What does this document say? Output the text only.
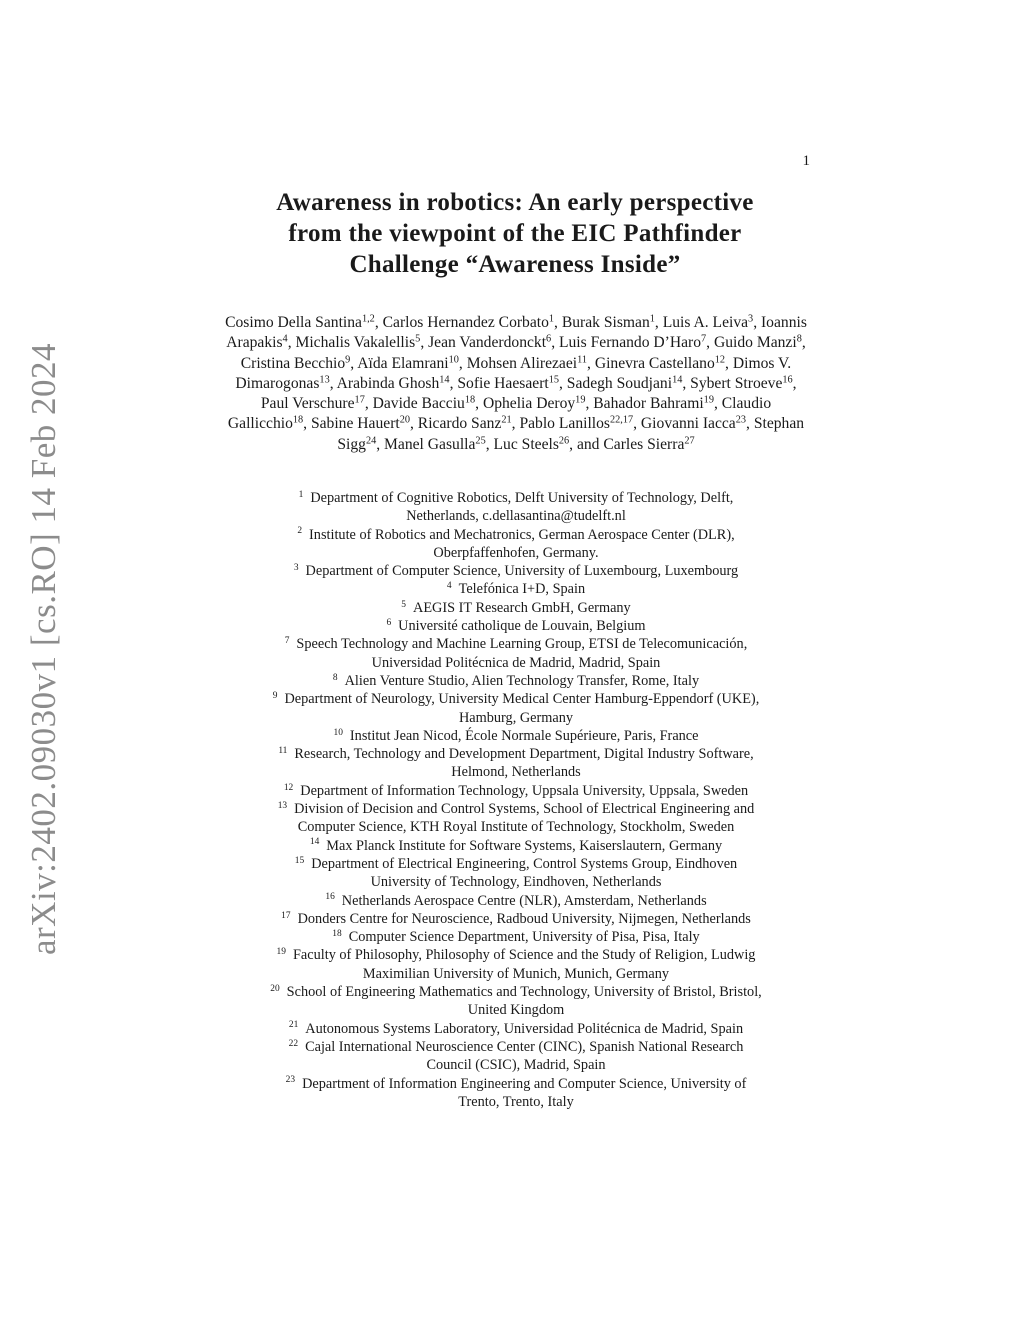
arXiv:2402.09030v1 [cs.RO] 14 Feb 2024
1
Awareness in robotics: An early perspective
from the viewpoint of the EIC Pathfinder
Challenge “Awareness Inside”
Cosimo Della Santina$^{1,2}$, Carlos Hernandez Corbato$^1$, Burak Sisman$^1$, Luis A. Leiva$^3$, Ioannis Arapakis$^4$, Michalis Vakalellis$^5$, Jean Vanderdonckt$^6$, Luis Fernando D’Haro$^7$, Guido Manzi$^8$, Cristina Becchio$^9$, Aïda Elamrani$^{10}$, Mohsen Alirezaei$^{11}$, Ginevra Castellano$^{12}$, Dimos V. Dimarogonas$^{13}$, Arabinda Ghosh$^{14}$, Sofie Haesaert$^{15}$, Sadegh Soudjani$^{14}$, Sybert Stroeve$^{16}$, Paul Verschure$^{17}$, Davide Bacciu$^{18}$, Ophelia Deroy$^{19}$, Bahador Bahrami$^{19}$, Claudio Gallicchio$^{18}$, Sabine Hauert$^{20}$, Ricardo Sanz$^{21}$, Pablo Lanillos$^{22,17}$, Giovanni Iacca$^{23}$, Stephan Sigg$^{24}$, Manel Gasulla$^{25}$, Luc Steels$^{26}$, and Carles Sierra$^{27}$
$^1$ Department of Cognitive Robotics, Delft University of Technology, Delft,
Netherlands, c.dellasantina@tudelft.nl
$^2$ Institute of Robotics and Mechatronics, German Aerospace Center (DLR),
Oberpfaffenhofen, Germany.
$^3$ Department of Computer Science, University of Luxembourg, Luxembourg
$^4$ Telefónica I+D, Spain
$^5$ AEGIS IT Research GmbH, Germany
$^6$ Université catholique de Louvain, Belgium
$^7$ Speech Technology and Machine Learning Group, ETSI de Telecomunicación,
Universidad Politécnica de Madrid, Madrid, Spain
$^8$ Alien Venture Studio, Alien Technology Transfer, Rome, Italy
$^9$ Department of Neurology, University Medical Center Hamburg-Eppendorf (UKE),
Hamburg, Germany
$^{10}$ Institut Jean Nicod, École Normale Supérieure, Paris, France
$^{11}$ Research, Technology and Development Department, Digital Industry Software,
Helmond, Netherlands
$^{12}$ Department of Information Technology, Uppsala University, Uppsala, Sweden
$^{13}$ Division of Decision and Control Systems, School of Electrical Engineering and
Computer Science, KTH Royal Institute of Technology, Stockholm, Sweden
$^{14}$ Max Planck Institute for Software Systems, Kaiserslautern, Germany
$^{15}$ Department of Electrical Engineering, Control Systems Group, Eindhoven
University of Technology, Eindhoven, Netherlands
$^{16}$ Netherlands Aerospace Centre (NLR), Amsterdam, Netherlands
$^{17}$ Donders Centre for Neuroscience, Radboud University, Nijmegen, Netherlands
$^{18}$ Computer Science Department, University of Pisa, Pisa, Italy
$^{19}$ Faculty of Philosophy, Philosophy of Science and the Study of Religion, Ludwig
Maximilian University of Munich, Munich, Germany
$^{20}$ School of Engineering Mathematics and Technology, University of Bristol, Bristol,
United Kingdom
$^{21}$ Autonomous Systems Laboratory, Universidad Politécnica de Madrid, Spain
$^{22}$ Cajal International Neuroscience Center (CINC), Spanish National Research
Council (CSIC), Madrid, Spain
$^{23}$ Department of Information Engineering and Computer Science, University of
Trento, Trento, Italy
